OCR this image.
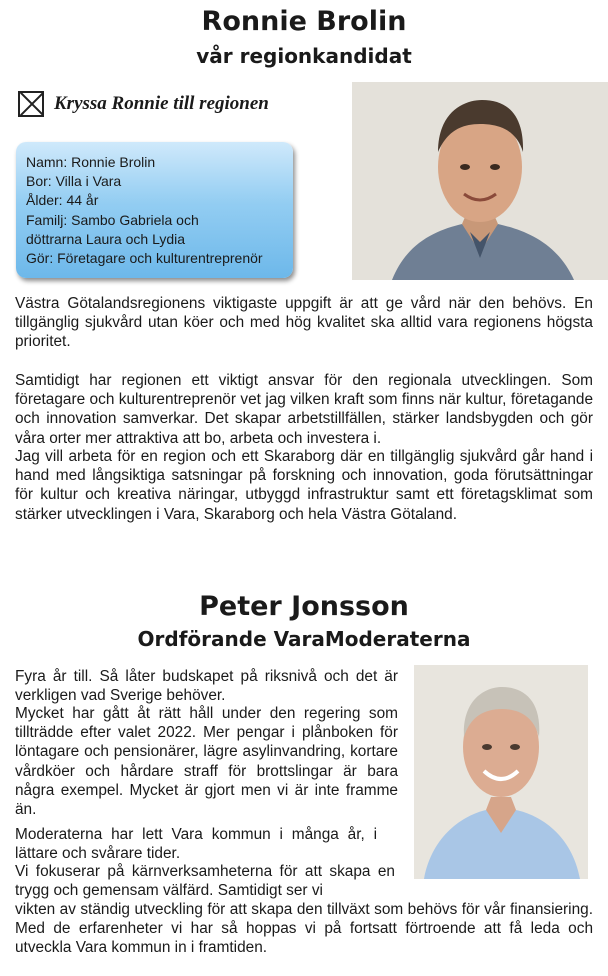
Ronnie Brolin
vår regionkandidat
Kryssa Ronnie till regionen
Namn: Ronnie Brolin
Bor: Villa i Vara
Ålder: 44 år
Familj: Sambo Gabriela och
döttrarna Laura och Lydia
Gör: Företagare och kulturentreprenör

Västra Götalandsregionens viktigaste uppgift är att ge vård när den behövs. En tillgänglig sjukvård utan köer och med hög kvalitet ska alltid vara regionens högsta prioritet.

Samtidigt har regionen ett viktigt ansvar för den regionala utvecklingen. Som företagare och kulturentreprenör vet jag vilken kraft som finns när kultur, företagande och innovation samverkar. Det skapar arbetstillfällen, stärker landsbygden och gör våra orter mer attraktiva att bo, arbeta och investera i.

Jag vill arbeta för en region och ett Skaraborg där en tillgänglig sjukvård går hand i hand med långsiktiga satsningar på forskning och innovation, goda förutsättningar för kultur och kreativa näringar, utbyggd infrastruktur samt ett företagsklimat som stärker utvecklingen i Vara, Skaraborg och hela Västra Götaland.

Peter Jonsson
Ordförande VaraModeraterna
Fyra år till. Så låter budskapet på riksnivå och det är verkligen vad Sverige behöver.
Mycket har gått åt rätt håll under den regering som tillträdde efter valet 2022. Mer pengar i plånboken för löntagare och pensionärer, lägre asylinvandring, kortare vårdköer och hårdare straff för brottslingar är bara några exempel. Mycket är gjort men vi är inte framme än.
Moderaterna har lett Vara kommun i många år, i lättare och svårare tider.
Vi fokuserar på kärnverksamheterna för att skapa en trygg och gemensam välfärd. Samtidigt ser vi
vikten av ständig utveckling för att skapa den tillväxt som behövs för vår finansiering. Med de erfarenheter vi har så hoppas vi på fortsatt förtroende att få leda och utveckla Vara kommun in i framtiden.
